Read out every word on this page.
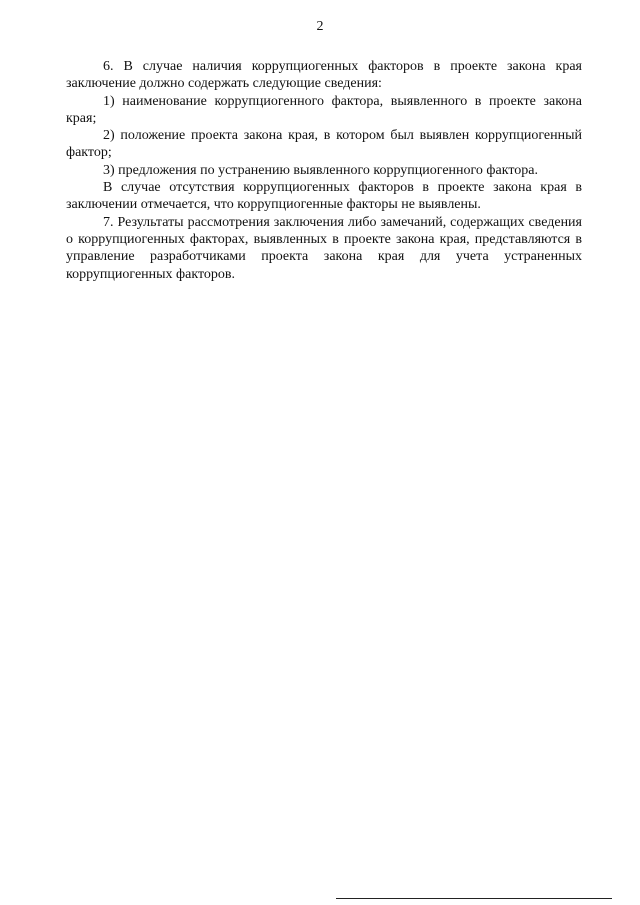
2

6. В случае наличия коррупциогенных факторов в проекте закона края заключение должно содержать следующие сведения:

1) наименование коррупциогенного фактора, выявленного в проекте закона края;

2) положение проекта закона края, в котором был выявлен коррупциогенный фактор;

3) предложения по устранению выявленного коррупциогенного фактора.

В случае отсутствия коррупциогенных факторов в проекте закона края в заключении отмечается, что коррупциогенные факторы не выявлены.

7. Результаты рассмотрения заключения либо замечаний, содержащих сведения о коррупциогенных факторах, выявленных в проекте закона края, представляются в управление разработчиками проекта закона края для учета устраненных коррупциогенных факторов.
